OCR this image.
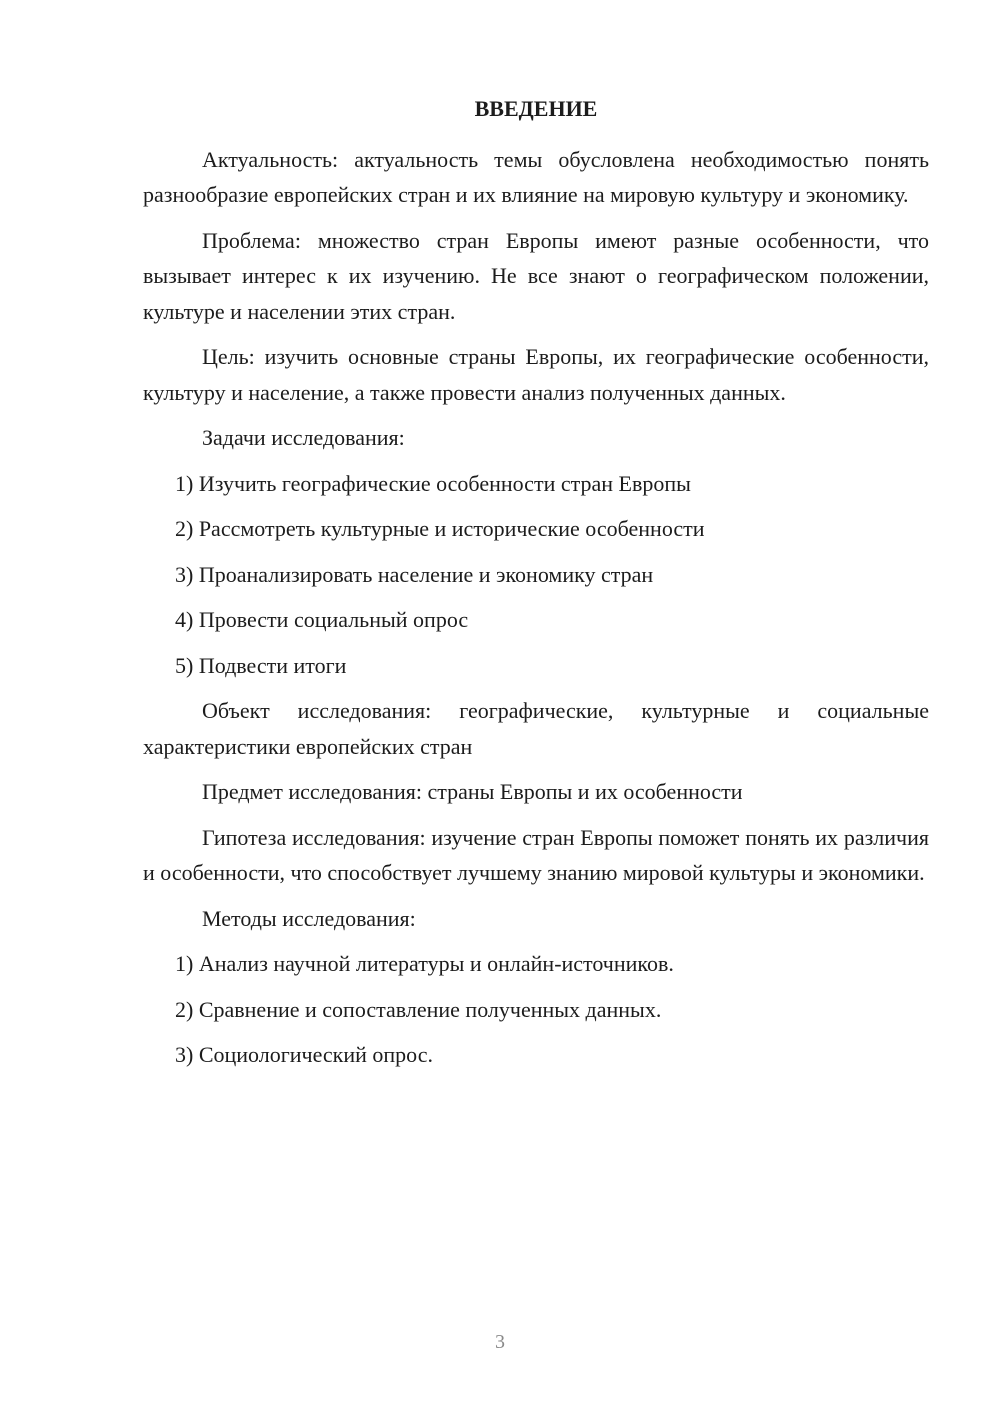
ВВЕДЕНИЕ

Актуальность: актуальность темы обусловлена необходимостью понять разнообразие европейских стран и их влияние на мировую культуру и экономику.

Проблема: множество стран Европы имеют разные особенности, что вызывает интерес к их изучению. Не все знают о географическом положении, культуре и населении этих стран.

Цель: изучить основные страны Европы, их географические особенности, культуру и население, а также провести анализ полученных данных.

Задачи исследования:

1) Изучить географические особенности стран Европы
2) Рассмотреть культурные и исторические особенности
3) Проанализировать население и экономику стран
4) Провести социальный опрос
5) Подвести итоги

Объект исследования: географические, культурные и социальные характеристики европейских стран

Предмет исследования: страны Европы и их особенности

Гипотеза исследования: изучение стран Европы поможет понять их различия и особенности, что способствует лучшему знанию мировой культуры и экономики.

Методы исследования:

1) Анализ научной литературы и онлайн-источников.
2) Сравнение и сопоставление полученных данных.
3) Социологический опрос.
3
